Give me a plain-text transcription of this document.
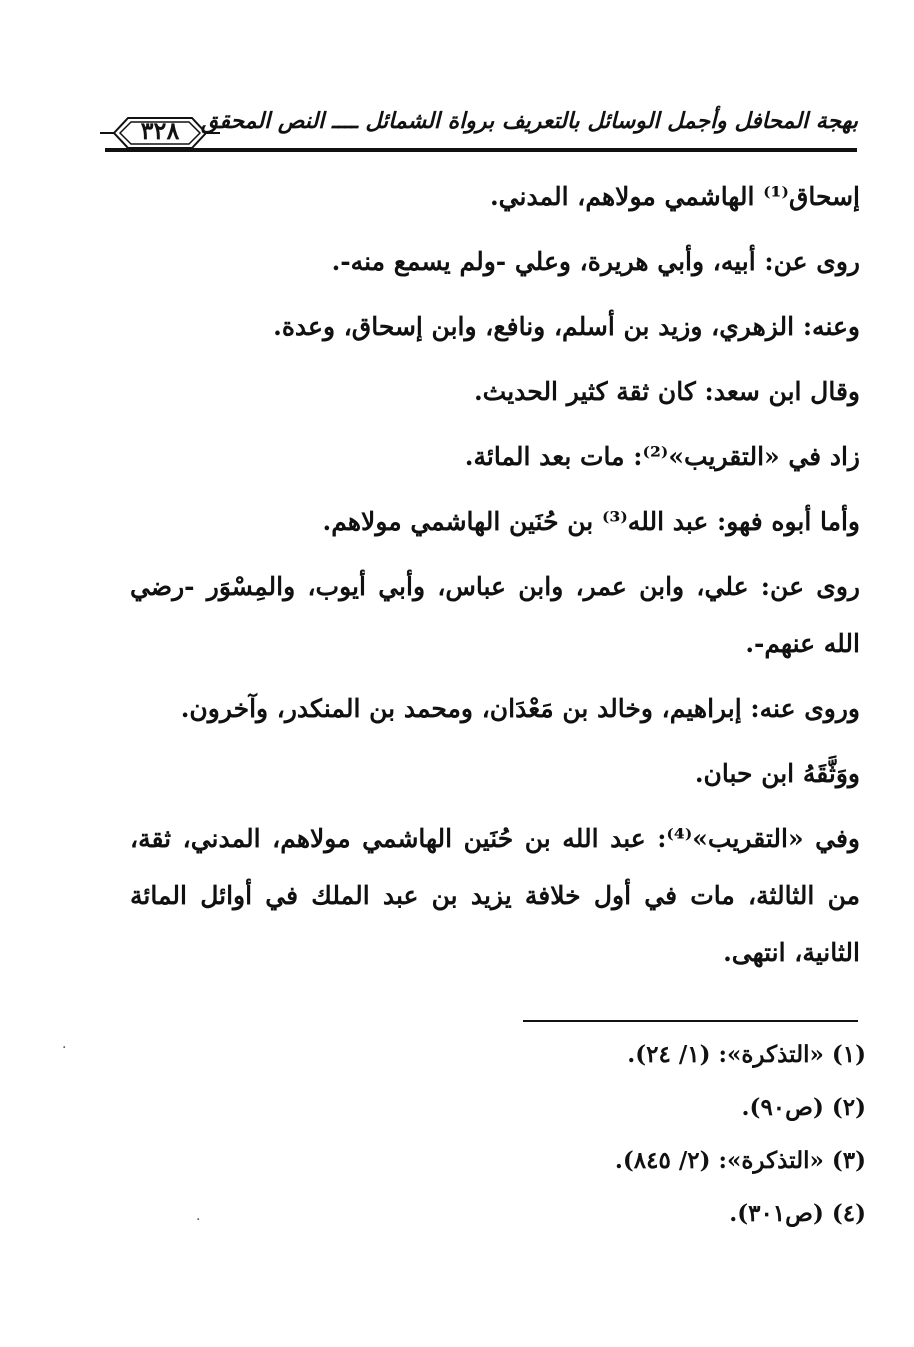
بهجة المحافل وأجمل الوسائل بالتعريف برواة الشمائل ــــ النص المحقق
٣٢٨

إسحاق⁽¹⁾ الهاشمي مولاهم، المدني.

روى عن: أبيه، وأبي هريرة، وعلي -ولم يسمع منه-.

وعنه: الزهري، وزيد بن أسلم، ونافع، وابن إسحاق، وعدة.

وقال ابن سعد: كان ثقة كثير الحديث.

زاد في «التقريب»⁽²⁾: مات بعد المائة.

وأما أبوه فهو: عبد الله⁽³⁾ بن حُنَين الهاشمي مولاهم.

روى عن: علي، وابن عمر، وابن عباس، وأبي أيوب، والمِسْوَر -رضي الله عنهم-.

وروى عنه: إبراهيم، وخالد بن مَعْدَان، ومحمد بن المنكدر، وآخرون.

ووَثَّقَهُ ابن حبان.

وفي «التقريب»⁽⁴⁾: عبد الله بن حُنَين الهاشمي مولاهم، المدني، ثقة، من الثالثة، مات في أول خلافة يزيد بن عبد الملك في أوائل المائة الثانية، انتهى.

(١) «التذكرة»: (١/ ٢٤).

(٢) (ص٩٠).

(٣) «التذكرة»: (٢/ ٨٤٥).

(٤) (ص٣٠١).

·
·
